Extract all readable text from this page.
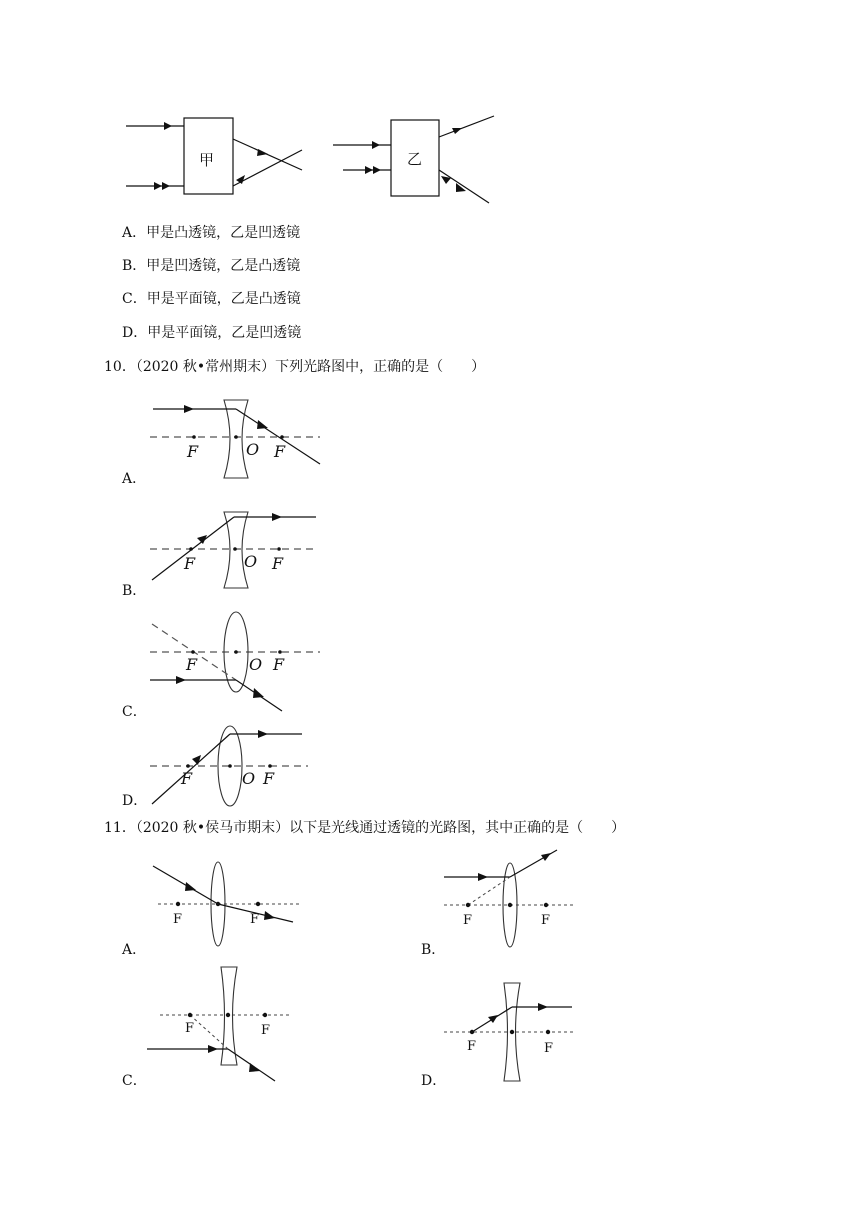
甲	乙
A．甲是凸透镜，乙是凹透镜
B．甲是凹透镜，乙是凸透镜
C．甲是平面镜，乙是凸透镜
D．甲是平面镜，乙是凹透镜
10．（2020 秋•常州期末）下列光路图中，正确的是（　　）
F	O F
F	O F
F	O F
F	O F
A．
B．
C．
D．
11．（2020 秋•侯马市期末）以下是光线通过透镜的光路图，其中正确的是（　　）
F	F	F	F
F	F
F	F
A．	B．
C．	D．
